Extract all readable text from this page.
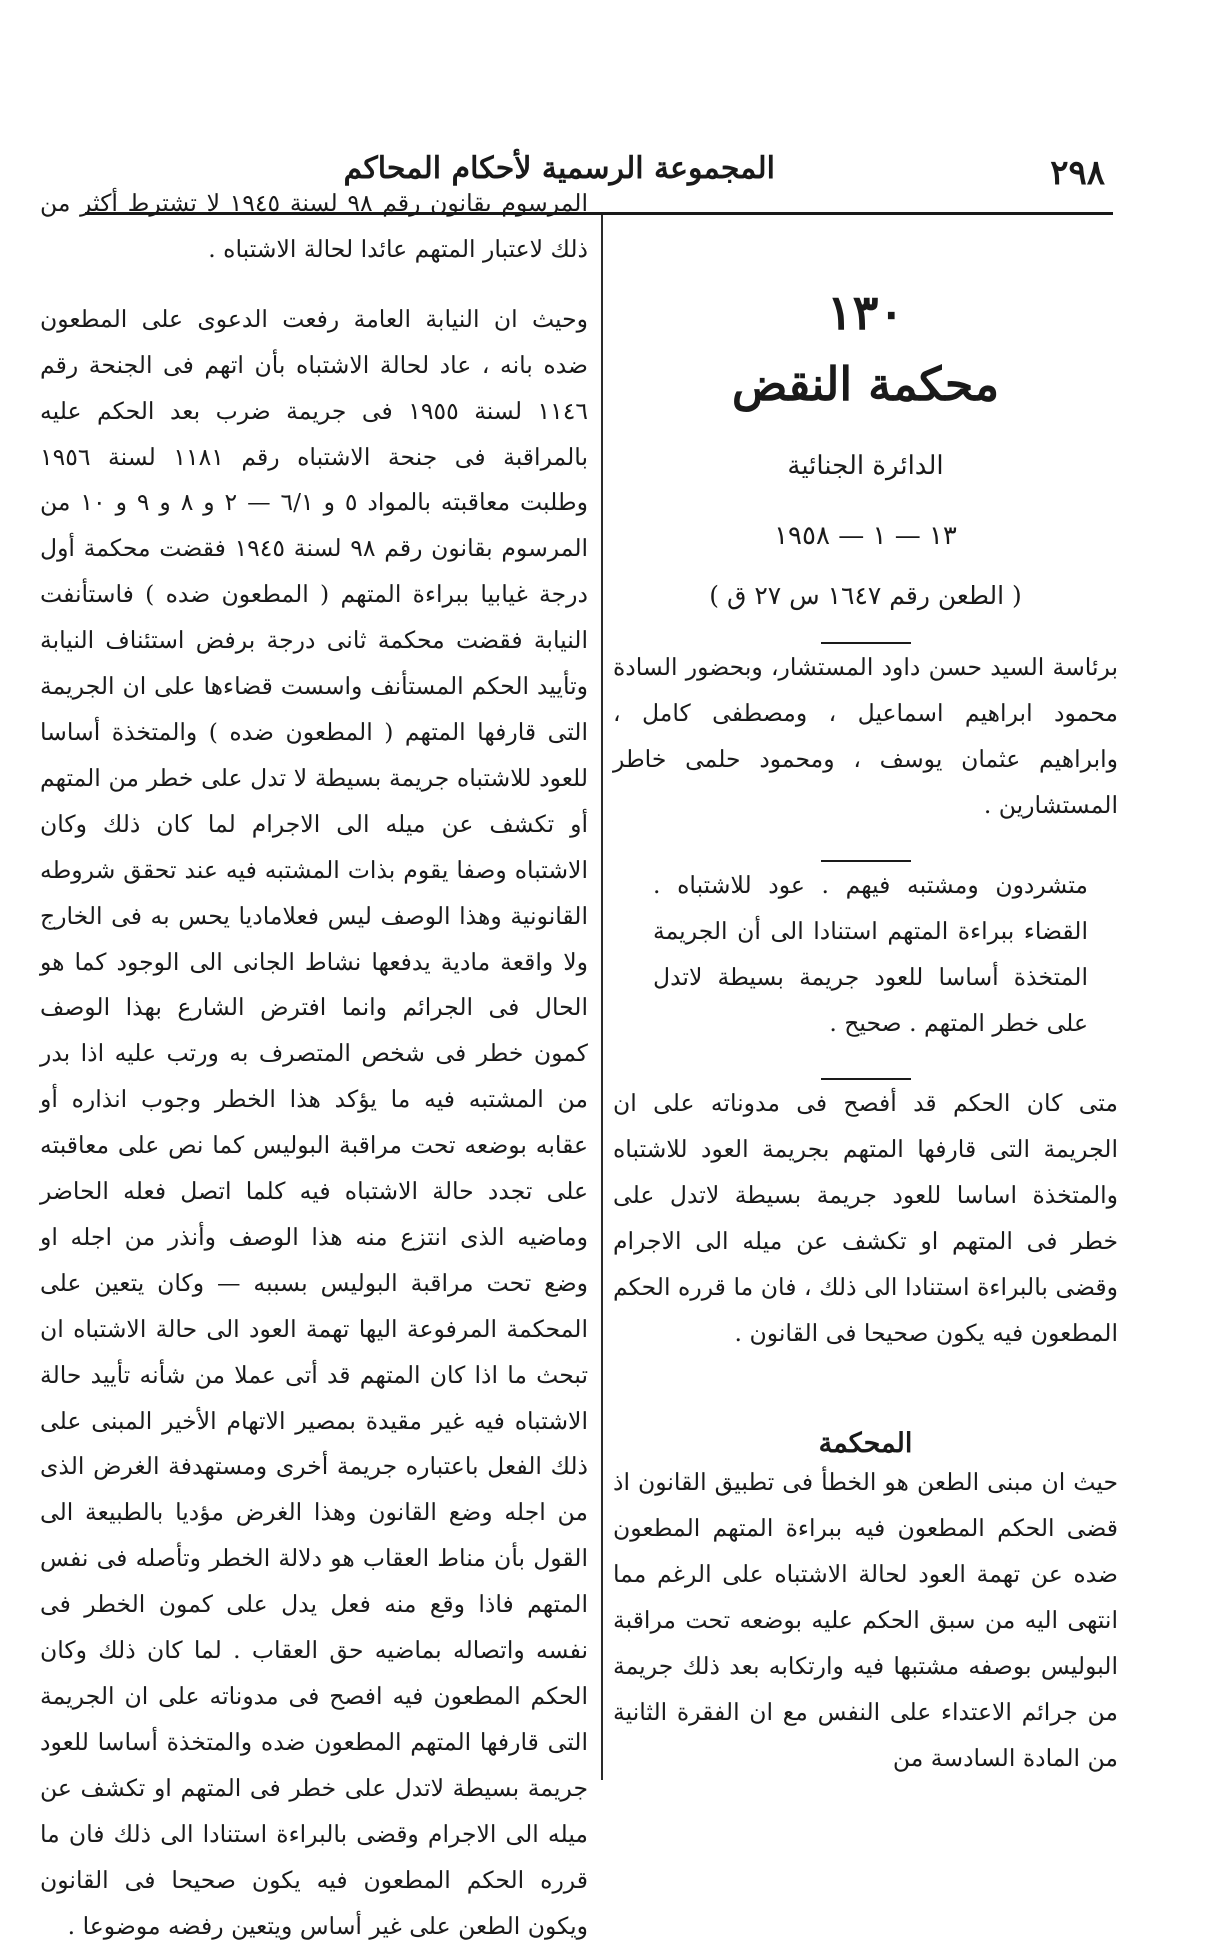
٢٩٨
المجموعة الرسمية لأحكام المحاكم
١٣٠
محكمة النقض
الدائرة الجنائية
١٣ — ١ — ١٩٥٨
( الطعن رقم ١٦٤٧ س ٢٧ ق )

برئاسة السيد حسن داود المستشار، وبحضور السادة محمود ابراهيم اسماعيل ، ومصطفى كامل ، وابراهيم عثمان يوسف ، ومحمود حلمى خاطر المستشارين .

متشردون ومشتبه فيهم . عود للاشتباه . القضاء ببراءة المتهم استنادا الى أن الجريمة المتخذة أساسا للعود جريمة بسيطة لاتدل على خطر المتهم . صحيح .

متى كان الحكم قد أفصح فى مدوناته على ان الجريمة التى قارفها المتهم بجريمة العود للاشتباه والمتخذة اساسا للعود جريمة بسيطة لاتدل على خطر فى المتهم او تكشف عن ميله الى الاجرام وقضى بالبراءة استنادا الى ذلك ، فان ما قرره الحكم المطعون فيه يكون صحيحا فى القانون .

المحكمة

حيث ان مبنى الطعن هو الخطأ فى تطبيق القانون اذ قضى الحكم المطعون فيه ببراءة المتهم المطعون ضده عن تهمة العود لحالة الاشتباه على الرغم مما انتهى اليه من سبق الحكم عليه بوضعه تحت مراقبة البوليس بوصفه مشتبها فيه وارتكابه بعد ذلك جريمة من جرائم الاعتداء على النفس مع ان الفقرة الثانية من المادة السادسة من

المرسوم بقانون رقم ٩٨ لسنة ١٩٤٥ لا تشترط أكثر من ذلك لاعتبار المتهم عائدا لحالة الاشتباه .

وحيث ان النيابة العامة رفعت الدعوى على المطعون ضده بانه ، عاد لحالة الاشتباه بأن اتهم فى الجنحة رقم ١١٤٦ لسنة ١٩٥٥ فى جريمة ضرب بعد الحكم عليه بالمراقبة فى جنحة الاشتباه رقم ١١٨١ لسنة ١٩٥٦ وطلبت معاقبته بالمواد ٥ و ٦/١ — ٢ و ٨ و ٩ و ١٠ من المرسوم بقانون رقم ٩٨ لسنة ١٩٤٥ فقضت محكمة أول درجة غيابيا ببراءة المتهم ( المطعون ضده ) فاستأنفت النيابة فقضت محكمة ثانى درجة برفض استئناف النيابة وتأييد الحكم المستأنف واسست قضاءها على ان الجريمة التى قارفها المتهم ( المطعون ضده ) والمتخذة أساسا للعود للاشتباه جريمة بسيطة لا تدل على خطر من المتهم أو تكشف عن ميله الى الاجرام لما كان ذلك وكان الاشتباه وصفا يقوم بذات المشتبه فيه عند تحقق شروطه القانونية وهذا الوصف ليس فعلاماديا يحس به فى الخارج ولا واقعة مادية يدفعها نشاط الجانى الى الوجود كما هو الحال فى الجرائم وانما افترض الشارع بهذا الوصف كمون خطر فى شخص المتصرف به ورتب عليه اذا بدر من المشتبه فيه ما يؤكد هذا الخطر وجوب انذاره أو عقابه بوضعه تحت مراقبة البوليس كما نص على معاقبته على تجدد حالة الاشتباه فيه كلما اتصل فعله الحاضر وماضيه الذى انتزع منه هذا الوصف وأنذر من اجله او وضع تحت مراقبة البوليس بسببه — وكان يتعين على المحكمة المرفوعة اليها تهمة العود الى حالة الاشتباه ان تبحث ما اذا كان المتهم قد أتى عملا من شأنه تأييد حالة الاشتباه فيه غير مقيدة بمصير الاتهام الأخير المبنى على ذلك الفعل باعتباره جريمة أخرى ومستهدفة الغرض الذى من اجله وضع القانون وهذا الغرض مؤديا بالطبيعة الى القول بأن مناط العقاب هو دلالة الخطر وتأصله فى نفس المتهم فاذا وقع منه فعل يدل على كمون الخطر فى نفسه واتصاله بماضيه حق العقاب . لما كان ذلك وكان الحكم المطعون فيه افصح فى مدوناته على ان الجريمة التى قارفها المتهم المطعون ضده والمتخذة أساسا للعود جريمة بسيطة لاتدل على خطر فى المتهم او تكشف عن ميله الى الاجرام وقضى بالبراءة استنادا الى ذلك فان ما قرره الحكم المطعون فيه يكون صحيحا فى القانون ويكون الطعن على غير أساس ويتعين رفضه موضوعا .
